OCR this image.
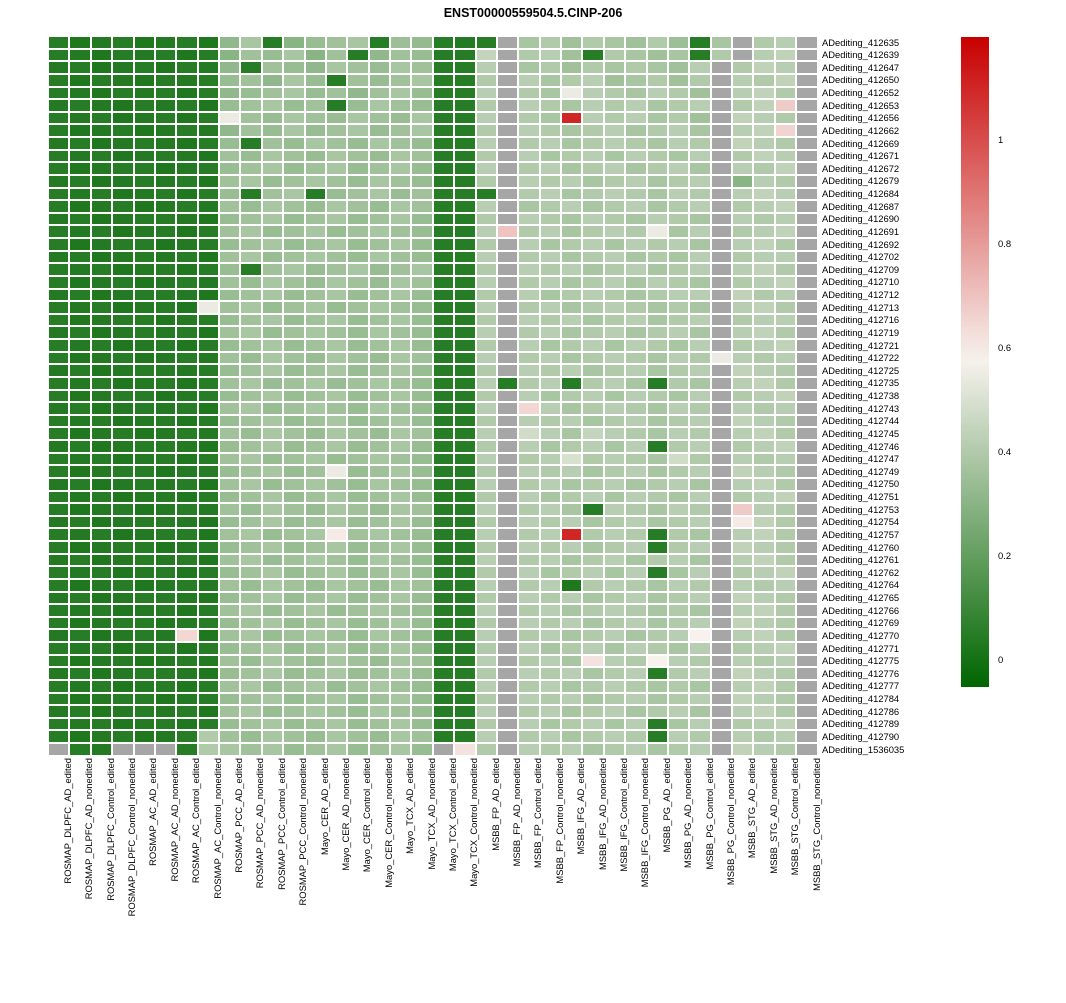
ENST00000559504.5.CINP-206
ADediting_412635
ADediting_412639
ADediting_412647
ADediting_412650
ADediting_412652
ADediting_412653
ADediting_412656
ADediting_412662
ADediting_412669
ADediting_412671
ADediting_412672
ADediting_412679
ADediting_412684
ADediting_412687
ADediting_412690
ADediting_412691
ADediting_412692
ADediting_412702
ADediting_412709
ADediting_412710
ADediting_412712
ADediting_412713
ADediting_412716
ADediting_412719
ADediting_412721
ADediting_412722
ADediting_412725
ADediting_412735
ADediting_412738
ADediting_412743
ADediting_412744
ADediting_412745
ADediting_412746
ADediting_412747
ADediting_412749
ADediting_412750
ADediting_412751
ADediting_412753
ADediting_412754
ADediting_412757
ADediting_412760
ADediting_412761
ADediting_412762
ADediting_412764
ADediting_412765
ADediting_412766
ADediting_412769
ADediting_412770
ADediting_412771
ADediting_412775
ADediting_412776
ADediting_412777
ADediting_412784
ADediting_412786
ADediting_412789
ADediting_412790
ADediting_1536035
ROSMAP_DLPFC_AD_edited ROSMAP_DLPFC_AD_nonedited ROSMAP_DLPFC_Control_edited ROSMAP_DLPFC_Control_nonedited ROSMAP_AC_AD_edited ROSMAP_AC_AD_nonedited ROSMAP_AC_Control_edited ROSMAP_AC_Control_nonedited ROSMAP_PCC_AD_edited ROSMAP_PCC_AD_nonedited ROSMAP_PCC_Control_edited ROSMAP_PCC_Control_nonedited Mayo_CER_AD_edited Mayo_CER_AD_nonedited Mayo_CER_Control_edited Mayo_CER_Control_nonedited Mayo_TCX_AD_edited Mayo_TCX_AD_nonedited Mayo_TCX_Control_edited Mayo_TCX_Control_nonedited MSBB_FP_AD_edited MSBB_FP_AD_nonedited MSBB_FP_Control_edited MSBB_FP_Control_nonedited MSBB_IFG_AD_edited MSBB_IFG_AD_nonedited MSBB_IFG_Control_edited MSBB_IFG_Control_nonedited MSBB_PG_AD_edited MSBB_PG_AD_nonedited MSBB_PG_Control_edited MSBB_PG_Control_nonedited MSBB_STG_AD_edited MSBB_STG_AD_nonedited MSBB_STG_Control_edited MSBB_STG_Control_nonedited
0
0.2
0.4
0.6
0.8
1
